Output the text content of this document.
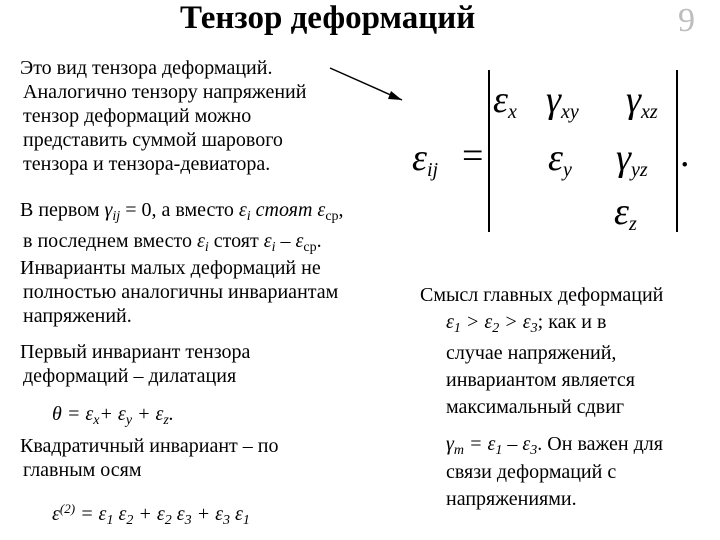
Тензор деформаций	9
Это вид тензора деформаций.
Аналогично тензору напряжений
тензор деформаций можно
представить суммой шарового
тензора и тензора-девиатора.
В первом $\gamma_{ij} = 0$, а вместо $\varepsilon_i$ стоят $\varepsilon_{ср}$,
в последнем вместо $\varepsilon_i$ стоят $\varepsilon_i - \varepsilon_{ср}$.
Инварианты малых деформаций не
полностью аналогичны инвариантам
напряжений.
Первый инвариант тензора
деформаций – дилатация
$\theta = \varepsilon_x+ \varepsilon_y + \varepsilon_z$.
Квадратичный инвариант – по
главным осям
$\varepsilon^{(2)} = \varepsilon_1$ $\varepsilon_2 + \varepsilon_2$ $\varepsilon_3 + \varepsilon_3$ $\varepsilon_1$
εij =
εx γxy γxz
εy γyz .
εz
Смысл главных деформаций
$\varepsilon_1 > \varepsilon_2 > \varepsilon_3$; как и в
случае напряжений,
инвариантом является
максимальный сдвиг
$\gamma_m = \varepsilon_1 - \varepsilon_3$. Он важен для
связи деформаций с
напряжениями.
